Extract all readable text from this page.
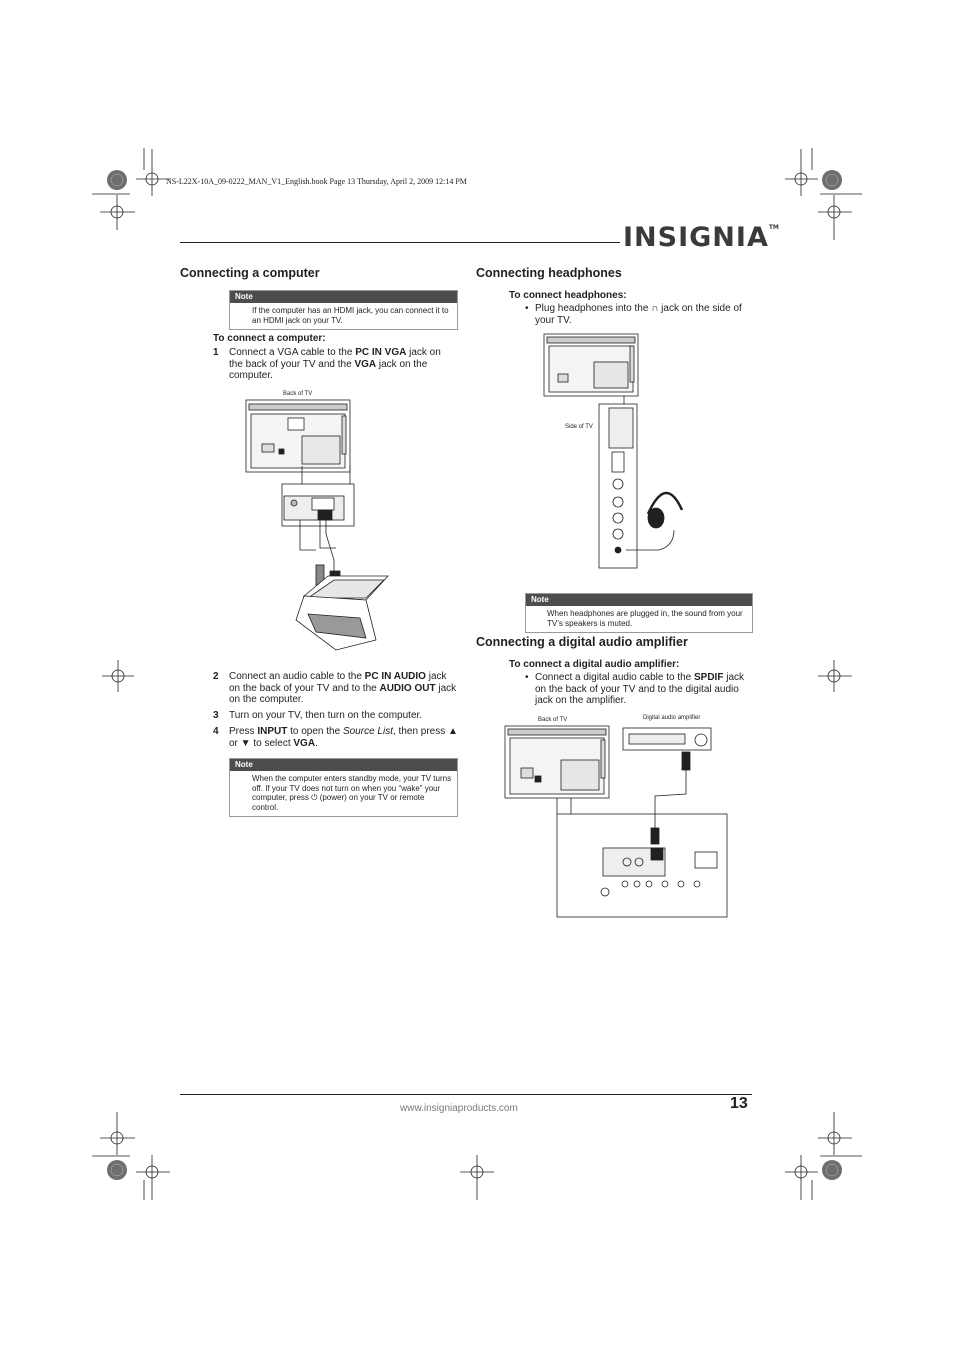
NS-L22X-10A_09-0222_MAN_V1_English.book Page 13 Thursday, April 2, 2009 12:14 PM
INSIGNIA™
Connecting a computer
Note
If the computer has an HDMI jack, you can connect it to an HDMI jack on your TV.
To connect a computer:
1 Connect a VGA cable to the PC IN VGA jack on the back of your TV and the VGA jack on the computer.
Back of TV
2 Connect an audio cable to the PC IN AUDIO jack on the back of your TV and to the AUDIO OUT jack on the computer.
3 Turn on your TV, then turn on the computer.
4 Press INPUT to open the Source List, then press ▲ or ▼ to select VGA.
Note
When the computer enters standby mode, your TV turns off. If your TV does not turn on when you “wake” your computer, press ⏻ (power) on your TV or remote control.
Connecting headphones
To connect headphones:
• Plug headphones into the ∩ jack on the side of your TV.
Side of TV
Note
When headphones are plugged in, the sound from your TV’s speakers is muted.
Connecting a digital audio amplifier
To connect a digital audio amplifier:
• Connect a digital audio cable to the SPDIF jack on the back of your TV and to the digital audio jack on the amplifier.
Back of TV	Digital audio amplifier
www.insigniaproducts.com	13
